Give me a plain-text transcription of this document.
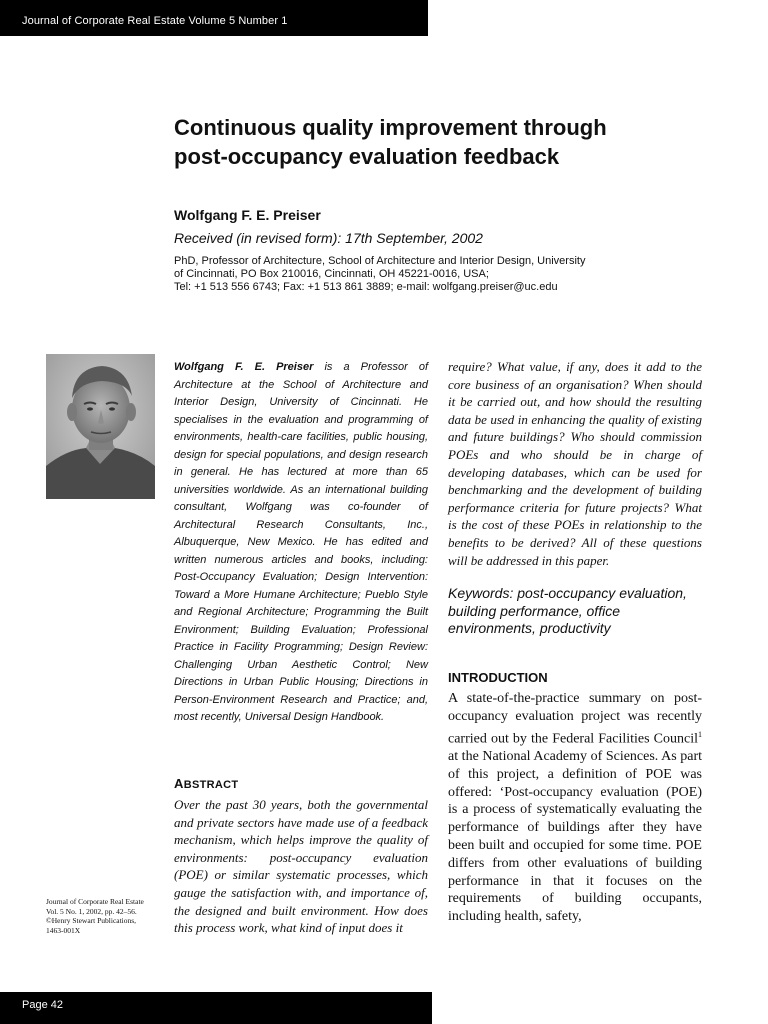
Journal of Corporate Real Estate Volume 5 Number 1
Continuous quality improvement through
post-occupancy evaluation feedback

Wolfgang F. E. Preiser

Received (in revised form): 17th September, 2002

PhD, Professor of Architecture, School of Architecture and Interior Design, University
of Cincinnati, PO Box 210016, Cincinnati, OH 45221-0016, USA;
Tel: +1 513 556 6743; Fax: +1 513 861 3889; e-mail: wolfgang.preiser@uc.edu

Wolfgang F. E. Preiser is a Professor of Architecture at the School of Architecture and Interior Design, University of Cincinnati. He specialises in the evaluation and programming of environments, health-care facilities, public housing, design for special populations, and design research in general. He has lectured at more than 65 universities worldwide. As an international building consultant, Wolfgang was co-founder of Architectural Research Consultants, Inc., Albuquerque, New Mexico. He has edited and written numerous articles and books, including: Post-Occupancy Evaluation; Design Intervention: Toward a More Humane Architecture; Pueblo Style and Regional Architecture; Programming the Built Environment; Building Evaluation; Professional Practice in Facility Programming; Design Review: Challenging Urban Aesthetic Control; New Directions in Urban Public Housing; Directions in Person-Environment Research and Practice; and, most recently, Universal Design Handbook.

ABSTRACT

Over the past 30 years, both the governmental and private sectors have made use of a feedback mechanism, which helps improve the quality of environments: post-occupancy evaluation (POE) or similar systematic processes, which gauge the satisfaction with, and importance of, the designed and built environment. How does this process work, what kind of input does it

require? What value, if any, does it add to the core business of an organisation? When should it be carried out, and how should the resulting data be used in enhancing the quality of existing and future buildings? Who should commission POEs and who should be in charge of developing databases, which can be used for benchmarking and the development of building performance criteria for future projects? What is the cost of these POEs in relationship to the benefits to be derived? All of these questions will be addressed in this paper.

Keywords: post-occupancy evaluation, building performance, office environments, productivity

INTRODUCTION

A state-of-the-practice summary on post-occupancy evaluation project was recently carried out by the Federal Facilities Council$^1$ at the National Academy of Sciences. As part of this project, a definition of POE was offered: ‘Post-occupancy evaluation (POE) is a process of systematically evaluating the performance of buildings after they have been built and occupied for some time. POE differs from other evaluations of building performance in that it focuses on the requirements of building occupants, including health, safety,

Journal of Corporate Real Estate
Vol. 5 No. 1, 2002, pp. 42–56.
©Henry Stewart Publications,
1463-001X

Page 42
